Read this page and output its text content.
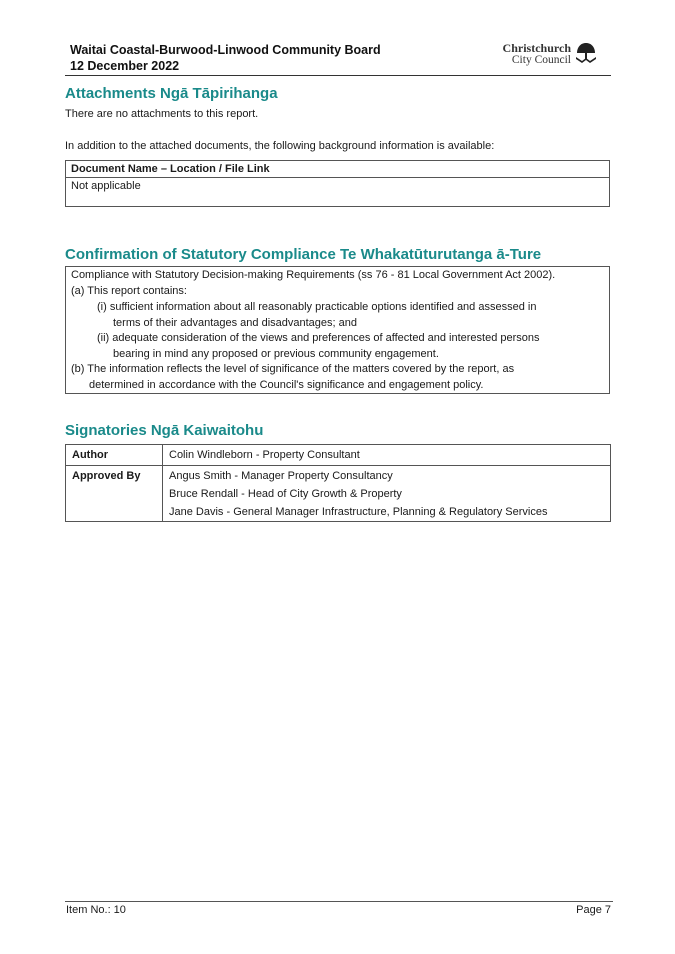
Waitai Coastal-Burwood-Linwood Community Board
12 December 2022
Christchurch
City Council
Attachments Ngā Tāpirihanga
There are no attachments to this report.
In addition to the attached documents, the following background information is available:
Document Name – Location / File Link
Not applicable
Confirmation of Statutory Compliance Te Whakatūturutanga ā-Ture
Compliance with Statutory Decision-making Requirements (ss 76 - 81 Local Government Act 2002).
(a) This report contains:
(i) sufficient information about all reasonably practicable options identified and assessed in
terms of their advantages and disadvantages; and
(ii) adequate consideration of the views and preferences of affected and interested persons
bearing in mind any proposed or previous community engagement.
(b) The information reflects the level of significance of the matters covered by the report, as
determined in accordance with the Council's significance and engagement policy.
Signatories Ngā Kaiwaitohu
Author	Colin Windleborn - Property Consultant
Approved By	Angus Smith - Manager Property Consultancy
Bruce Rendall - Head of City Growth & Property
Jane Davis - General Manager Infrastructure, Planning & Regulatory Services
Item No.: 10	Page 7
